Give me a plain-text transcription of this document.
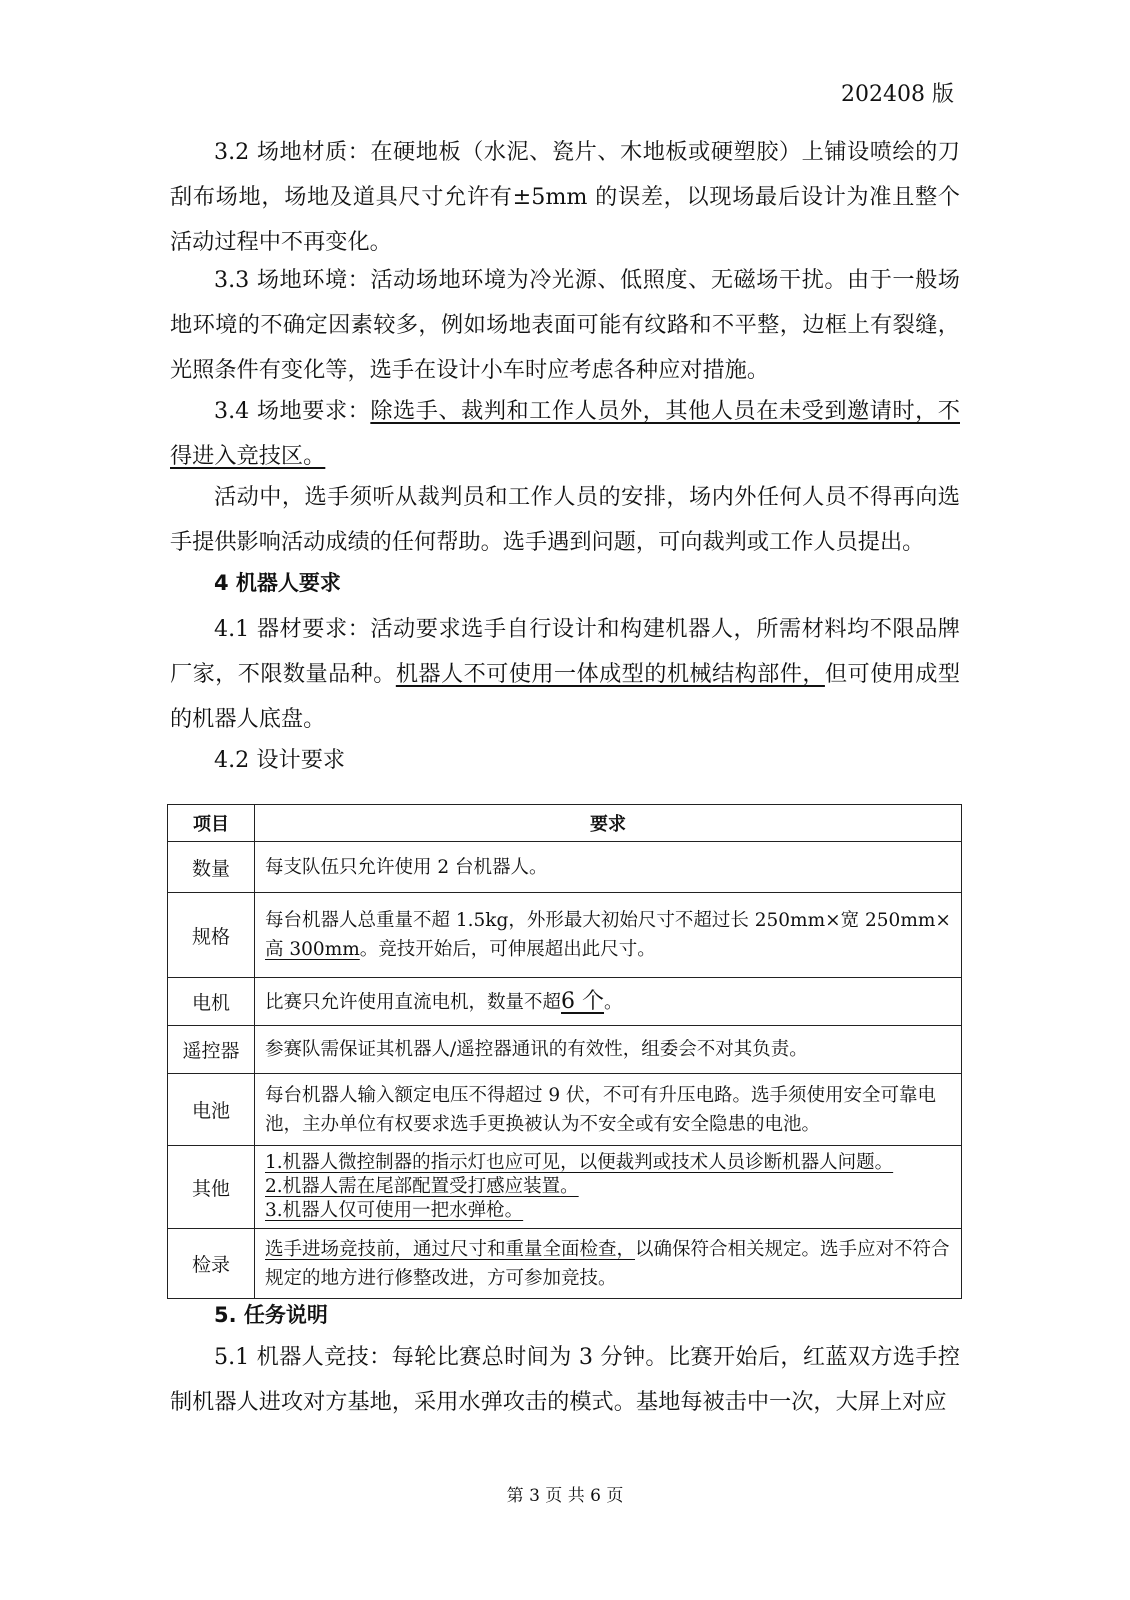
202408 版

3.2 场地材质：在硬地板（水泥、瓷片、木地板或硬塑胶）上铺设喷绘的刀刮布场地，场地及道具尺寸允许有±5mm 的误差，以现场最后设计为准且整个活动过程中不再变化。

3.3 场地环境：活动场地环境为冷光源、低照度、无磁场干扰。由于一般场地环境的不确定因素较多，例如场地表面可能有纹路和不平整，边框上有裂缝，光照条件有变化等，选手在设计小车时应考虑各种应对措施。

3.4 场地要求：除选手、裁判和工作人员外，其他人员在未受到邀请时，不得进入竞技区。

活动中，选手须听从裁判员和工作人员的安排，场内外任何人员不得再向选手提供影响活动成绩的任何帮助。选手遇到问题，可向裁判或工作人员提出。

4 机器人要求

4.1 器材要求：活动要求选手自行设计和构建机器人，所需材料均不限品牌厂家，不限数量品种。机器人不可使用一体成型的机械结构部件，但可使用成型的机器人底盘。

4.2 设计要求

项目	要求
数量	每支队伍只允许使用 2 台机器人。
规格	每台机器人总重量不超 1.5kg，外形最大初始尺寸不超过长 250mm×宽 250mm×高 300mm。竞技开始后，可伸展超出此尺寸。
电机	比赛只允许使用直流电机，数量不超6 个。
遥控器	参赛队需保证其机器人/遥控器通讯的有效性，组委会不对其负责。
电池	每台机器人输入额定电压不得超过 9 伏，不可有升压电路。选手须使用安全可靠电池，主办单位有权要求选手更换被认为不安全或有安全隐患的电池。
其他	1.机器人微控制器的指示灯也应可见，以便裁判或技术人员诊断机器人问题。
2.机器人需在尾部配置受打感应装置。
3.机器人仅可使用一把水弹枪。

检录	选手进场竞技前，通过尺寸和重量全面检查，以确保符合相关规定。选手应对不符合规定的地方进行修整改进，方可参加竞技。
5. 任务说明

5.1 机器人竞技：每轮比赛总时间为 3 分钟。比赛开始后，红蓝双方选手控制机器人进攻对方基地，采用水弹攻击的模式。基地每被击中一次，大屏上对应

第 3 页 共 6 页
